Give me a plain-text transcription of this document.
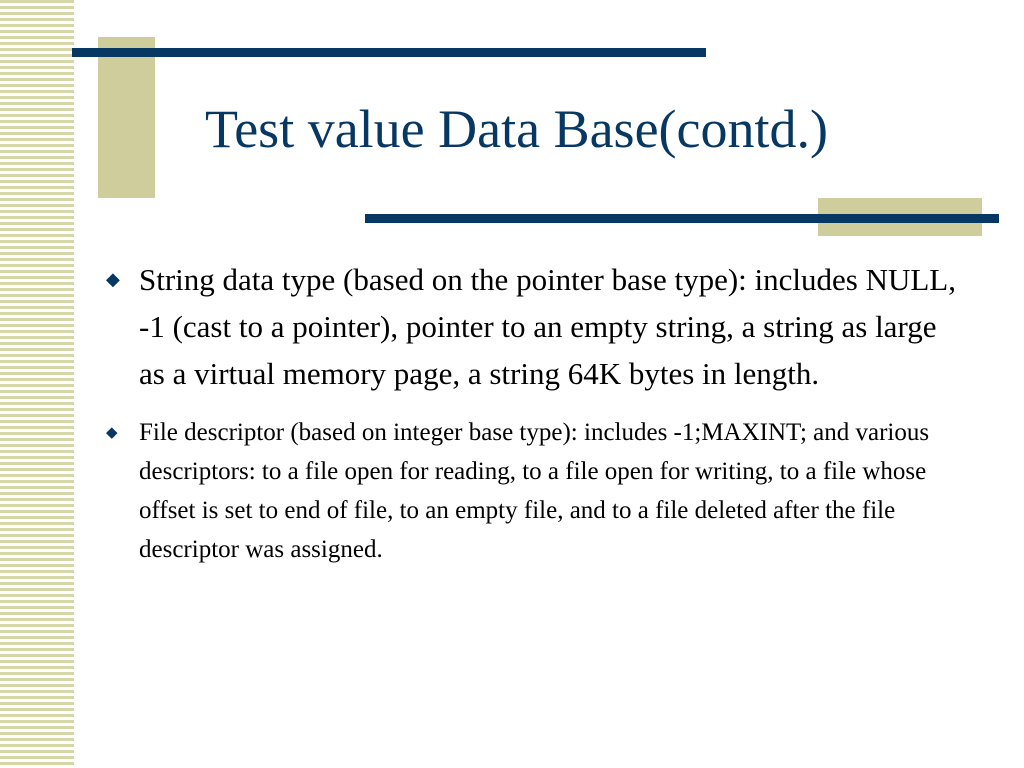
Test value Data Base(contd.)
◆ String data type (based on the pointer base type): includes NULL, -1 (cast to a pointer), pointer to an empty string, a string as large as a virtual memory page, a string 64K bytes in length.
◆ File descriptor (based on integer base type): includes -1;MAXINT; and various descriptors: to a file open for reading, to a file open for writing, to a file whose offset is set to end of file, to an empty file, and to a file deleted after the file descriptor was assigned.
